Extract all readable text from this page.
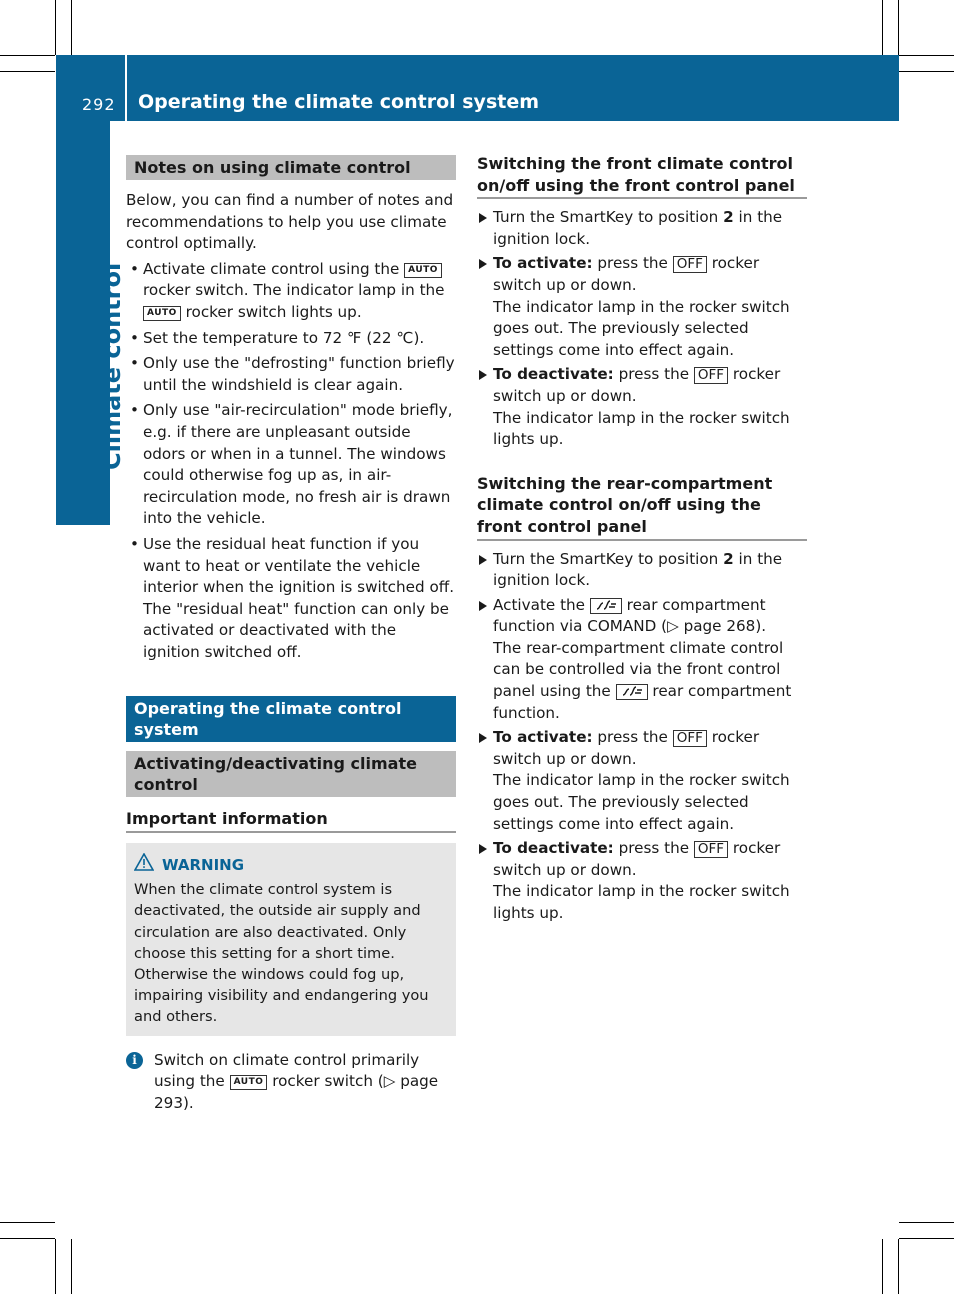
292 Operating the climate control system
Climate control
Notes on using climate control

Below, you can find a number of notes and recommendations to help you use climate control optimally.

• Activate climate control using the AUTO rocker switch. The indicator lamp in the AUTO rocker switch lights up.
• Set the temperature to 72 ℉ (22 ℃).
• Only use the "defrosting" function briefly until the windshield is clear again.
• Only use "air-recirculation" mode briefly, e.g. if there are unpleasant outside odors or when in a tunnel. The windows could otherwise fog up as, in air-recirculation mode, no fresh air is drawn into the vehicle.
• Use the residual heat function if you want to heat or ventilate the vehicle interior when the ignition is switched off. The "residual heat" function can only be activated or deactivated with the ignition switched off.
Operating the climate control system
Activating/deactivating climate control
Important information
WARNING

When the climate control system is deactivated, the outside air supply and circulation are also deactivated. Only choose this setting for a short time. Otherwise the windows could fog up, impairing visibility and endangering you and others.

i	Switch on climate control primarily using the AUTO rocker switch (▷ page 293).

Switching the front climate control on/off using the front control panel
Turn the SmartKey to position 2 in the ignition lock.
To activate: press the OFF rocker switch up or down.

The indicator lamp in the rocker switch goes out. The previously selected settings come into effect again.

To deactivate: press the OFF rocker switch up or down.

The indicator lamp in the rocker switch lights up.

Switching the rear-compartment climate control on/off using the front control panel
Turn the SmartKey to position 2 in the ignition lock.
Activate the	rear compartment function via COMAND (▷ page 268).

The rear-compartment climate control can be controlled via the front control panel using the	rear compartment function.

To activate: press the OFF rocker switch up or down.

The indicator lamp in the rocker switch goes out. The previously selected settings come into effect again.

To deactivate: press the OFF rocker switch up or down.

The indicator lamp in the rocker switch lights up.
